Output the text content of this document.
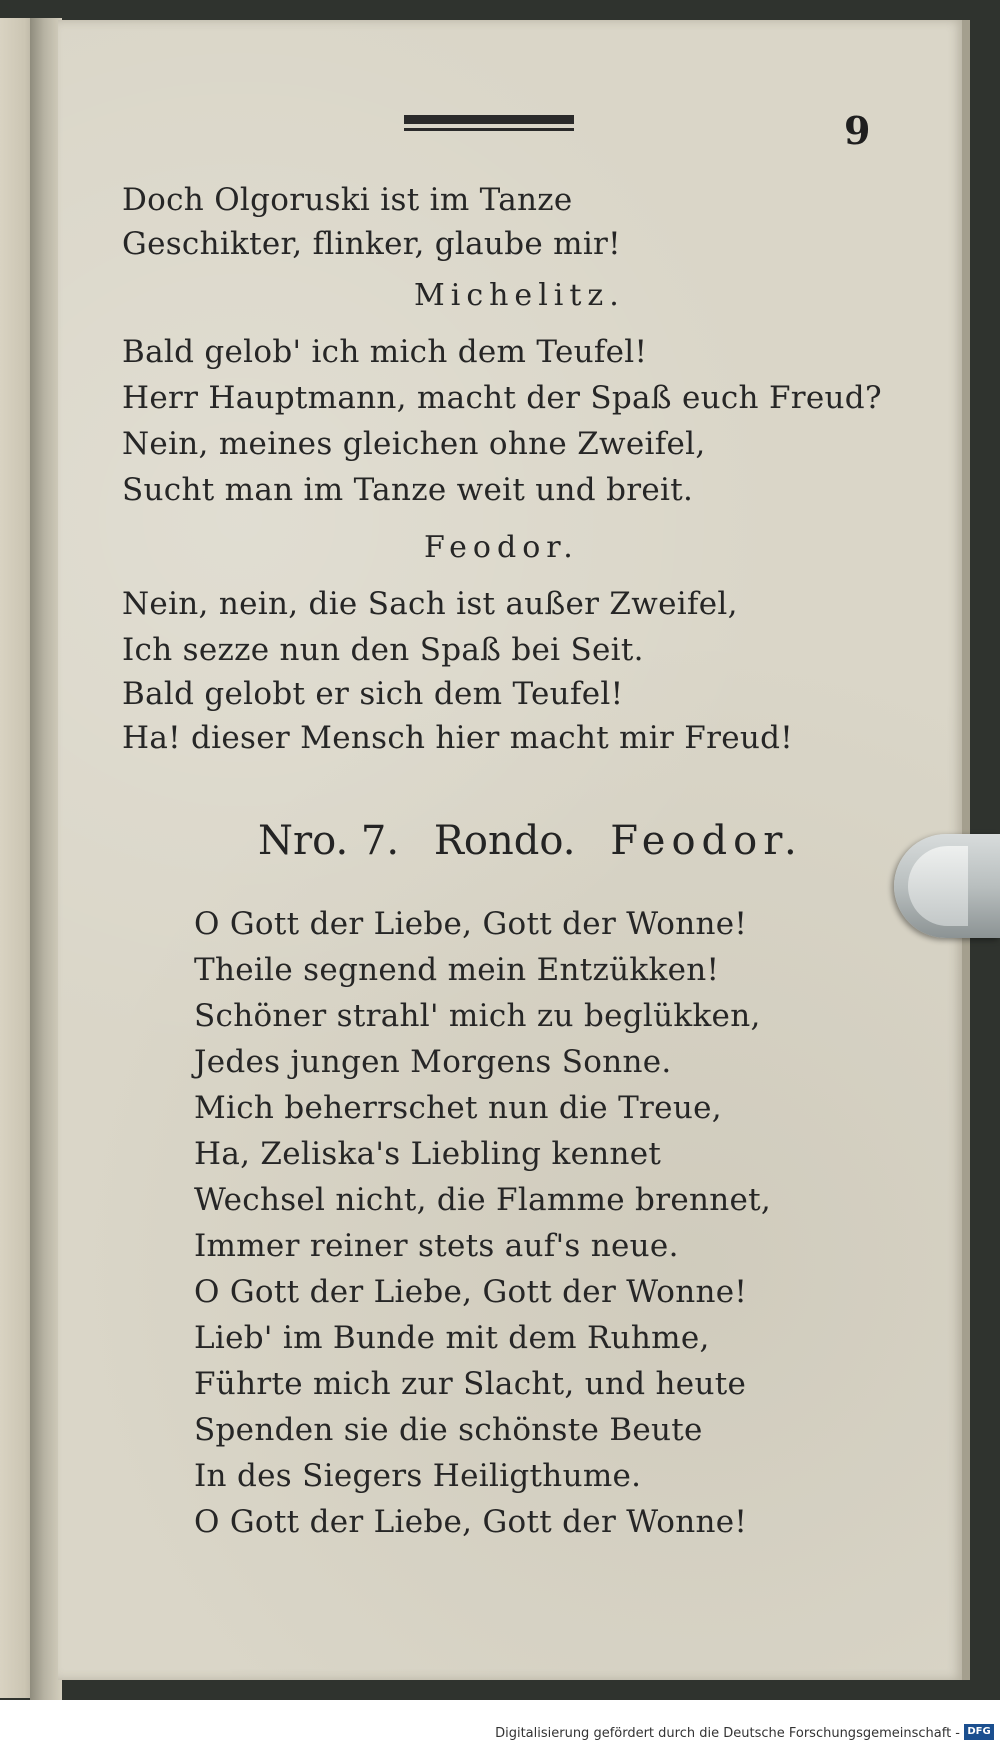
9
Doch Olgoruski ist im Tanze
Geschikter, flinker, glaube mir!
Michelitz.
Bald gelob' ich mich dem Teufel!
Herr Hauptmann, macht der Spaß euch Freud?
Nein, meines gleichen ohne Zweifel,
Sucht man im Tanze weit und breit.
Feodor.
Nein, nein, die Sach ist außer Zweifel,
Ich sezze nun den Spaß bei Seit.
Bald gelobt er sich dem Teufel!
Ha! dieser Mensch hier macht mir Freud!
Nro. 7. Rondo. Feodor.
O Gott der Liebe, Gott der Wonne!
Theile segnend mein Entzükken!
Schöner strahl' mich zu beglükken,
Jedes jungen Morgens Sonne.
Mich beherrschet nun die Treue,
Ha, Zeliska's Liebling kennet
Wechsel nicht, die Flamme brennet,
Immer reiner stets auf's neue.
O Gott der Liebe, Gott der Wonne!
Lieb' im Bunde mit dem Ruhme,
Führte mich zur Slacht, und heute
Spenden sie die schönste Beute
In des Siegers Heiligthume.
O Gott der Liebe, Gott der Wonne!
Digitalisierung gefördert durch die Deutsche Forschungsgemeinschaft - DFG
